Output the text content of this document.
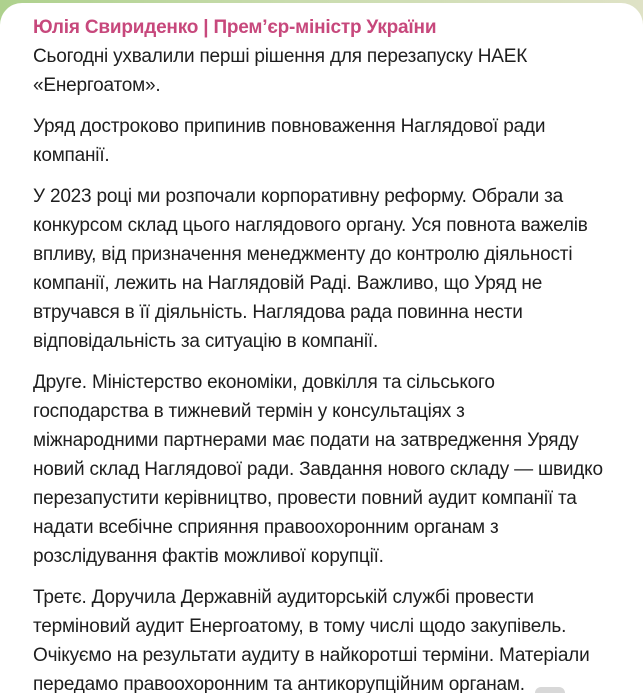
Юлія Свириденко | Прем’єр-міністр України
Сьогодні ухвалили перші рішення для перезапуску НАЕК
«Енергоатом».
Уряд достроково припинив повноваження Наглядової ради
компанії.
У 2023 році ми розпочали корпоративну реформу. Обрали за
конкурсом склад цього наглядового органу. Уся повнота важелів
впливу, від призначення менеджменту до контролю діяльності
компанії, лежить на Наглядовій Раді. Важливо, що Уряд не
втручався в її діяльність. Наглядова рада повинна нести
відповідальність за ситуацію в компанії.
Друге. Міністерство економіки, довкілля та сільського
господарства в тижневий термін у консультаціях з
міжнародними партнерами має подати на затвредження Уряду
новий склад Наглядової ради. Завдання нового складу — швидко
перезапустити керівництво, провести повний аудит компанії та
надати всебічне сприяння правоохоронним органам з
розслідування фактів можливої корупції.
Третє. Доручила Державній аудиторській службі провести
терміновий аудит Енергоатому, в тому числі щодо закупівель.
Очікуємо на результати аудиту в найкоротші терміни. Матеріали
передамо правоохоронним та антикорупційним органам.
